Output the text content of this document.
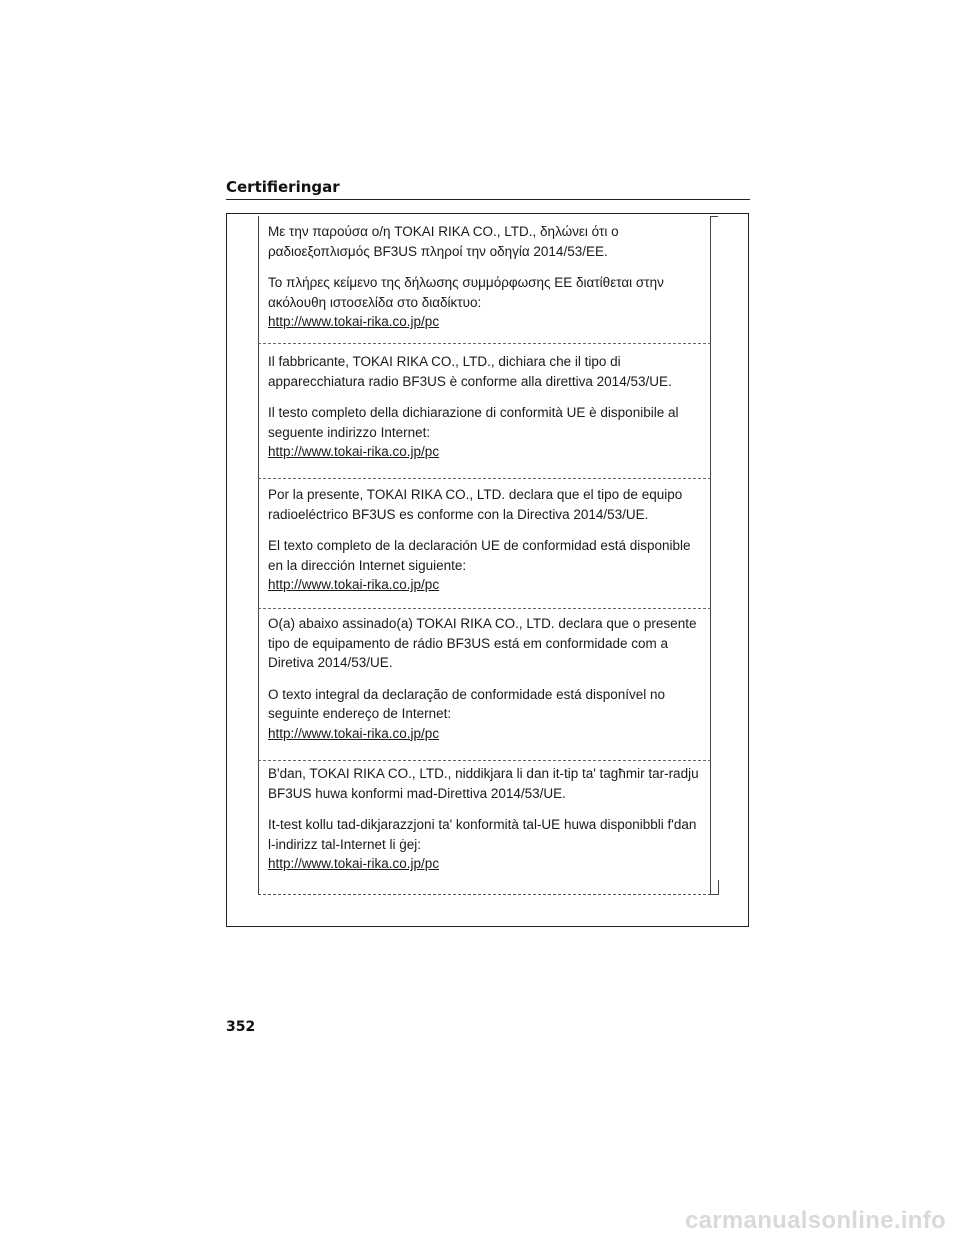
Certifieringar

Με την παρούσα ο/η TOKAI RIKA CO., LTD., δηλώνει ότι ο ραδιοεξοπλισμός BF3US πληροί την οδηγία 2014/53/ΕΕ.

Το πλήρες κείμενο της δήλωσης συμμόρφωσης ΕΕ διατίθεται στην ακόλουθη ιστοσελίδα στο διαδίκτυο:

http://www.tokai-rika.co.jp/pc

Il fabbricante, TOKAI RIKA CO., LTD., dichiara che il tipo di apparecchiatura radio BF3US è conforme alla direttiva 2014/53/UE.

Il testo completo della dichiarazione di conformità UE è disponibile al seguente indirizzo Internet:

http://www.tokai-rika.co.jp/pc

Por la presente, TOKAI RIKA CO., LTD. declara que el tipo de equipo radioeléctrico BF3US es conforme con la Directiva 2014/53/UE.

El texto completo de la declaración UE de conformidad está disponible en la dirección Internet siguiente:

http://www.tokai-rika.co.jp/pc

O(a) abaixo assinado(a) TOKAI RIKA CO., LTD. declara que o presente tipo de equipamento de rádio BF3US está em conformidade com a Diretiva 2014/53/UE.

O texto integral da declaração de conformidade está disponível no seguinte endereço de Internet:

http://www.tokai-rika.co.jp/pc

B'dan, TOKAI RIKA CO., LTD., niddikjara li dan it-tip ta' tagħmir tar-radju BF3US huwa konformi mad-Direttiva 2014/53/UE.

It-test kollu tad-dikjarazzjoni ta' konformità tal-UE huwa disponibbli f'dan l-indirizz tal-Internet li ġej:

http://www.tokai-rika.co.jp/pc
352
carmanualsonline.info
